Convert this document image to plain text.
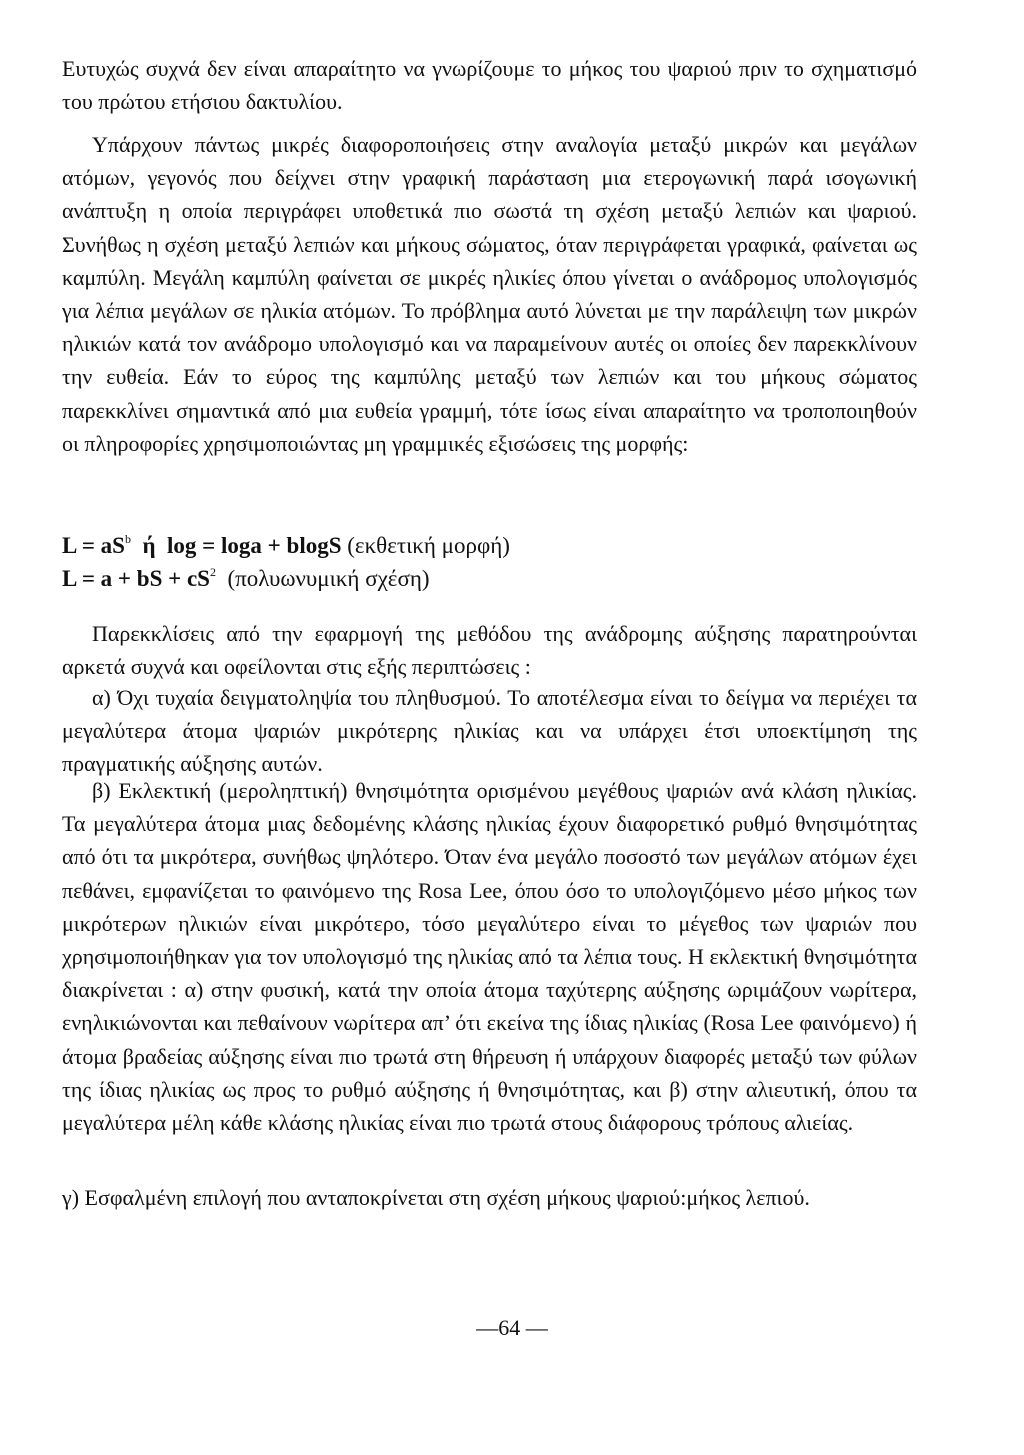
Ευτυχώς συχνά δεν είναι απαραίτητο να γνωρίζουμε το μήκος του ψαριού πριν το σχηματισμό του πρώτου ετήσιου δακτυλίου.

Υπάρχουν πάντως μικρές διαφοροποιήσεις στην αναλογία μεταξύ μικρών και μεγάλων ατόμων, γεγονός που δείχνει στην γραφική παράσταση μια ετερογωνική παρά ισογωνική ανάπτυξη η οποία περιγράφει υποθετικά πιο σωστά τη σχέση μεταξύ λεπιών και ψαριού. Συνήθως η σχέση μεταξύ λεπιών και μήκους σώματος, όταν περιγράφεται γραφικά, φαίνεται ως καμπύλη. Μεγάλη καμπύλη φαίνεται σε μικρές ηλικίες όπου γίνεται ο ανάδρομος υπολογισμός για λέπια μεγάλων σε ηλικία ατόμων. Το πρόβλημα αυτό λύνεται με την παράλειψη των μικρών ηλικιών κατά τον ανάδρομο υπολογισμό και να παραμείνουν αυτές οι οποίες δεν παρεκκλίνουν την ευθεία. Εάν το εύρος της καμπύλης μεταξύ των λεπιών και του μήκους σώματος παρεκκλίνει σημαντικά από μια ευθεία γραμμή, τότε ίσως είναι απαραίτητο να τροποποιηθούν οι πληροφορίες χρησιμοποιώντας μη γραμμικές εξισώσεις της μορφής:

$L = aS^b$ ή log = loga + blogS (εκθετική μορφή)
L = a + bS + $cS^2$ (πολυωνυμική σχέση)

Παρεκκλίσεις από την εφαρμογή της μεθόδου της ανάδρομης αύξησης παρατηρούνται αρκετά συχνά και οφείλονται στις εξής περιπτώσεις :

α) Όχι τυχαία δειγματοληψία του πληθυσμού. Το αποτέλεσμα είναι το δείγμα να περιέχει τα μεγαλύτερα άτομα ψαριών μικρότερης ηλικίας και να υπάρχει έτσι υποεκτίμηση της πραγματικής αύξησης αυτών.

β) Εκλεκτική (μεροληπτική) θνησιμότητα ορισμένου μεγέθους ψαριών ανά κλάση ηλικίας. Τα μεγαλύτερα άτομα μιας δεδομένης κλάσης ηλικίας έχουν διαφορετικό ρυθμό θνησιμότητας από ότι τα μικρότερα, συνήθως ψηλότερο. Όταν ένα μεγάλο ποσοστό των μεγάλων ατόμων έχει πεθάνει, εμφανίζεται το φαινόμενο της Rosa Lee, όπου όσο το υπολογιζόμενο μέσο μήκος των μικρότερων ηλικιών είναι μικρότερο, τόσο μεγαλύτερο είναι το μέγεθος των ψαριών που χρησιμοποιήθηκαν για τον υπολογισμό της ηλικίας από τα λέπια τους. Η εκλεκτική θνησιμότητα διακρίνεται : α) στην φυσική, κατά την οποία άτομα ταχύτερης αύξησης ωριμάζουν νωρίτερα, ενηλικιώνονται και πεθαίνουν νωρίτερα απ’ ότι εκείνα της ίδιας ηλικίας (Rosa Lee φαινόμενο) ή άτομα βραδείας αύξησης είναι πιο τρωτά στη θήρευση ή υπάρχουν διαφορές μεταξύ των φύλων της ίδιας ηλικίας ως προς το ρυθμό αύξησης ή θνησιμότητας, και β) στην αλιευτική, όπου τα μεγαλύτερα μέλη κάθε κλάσης ηλικίας είναι πιο τρωτά στους διάφορους τρόπους αλιείας.

γ) Εσφαλμένη επιλογή που ανταποκρίνεται στη σχέση μήκους ψαριού:μήκος λεπιού.

—64 —
